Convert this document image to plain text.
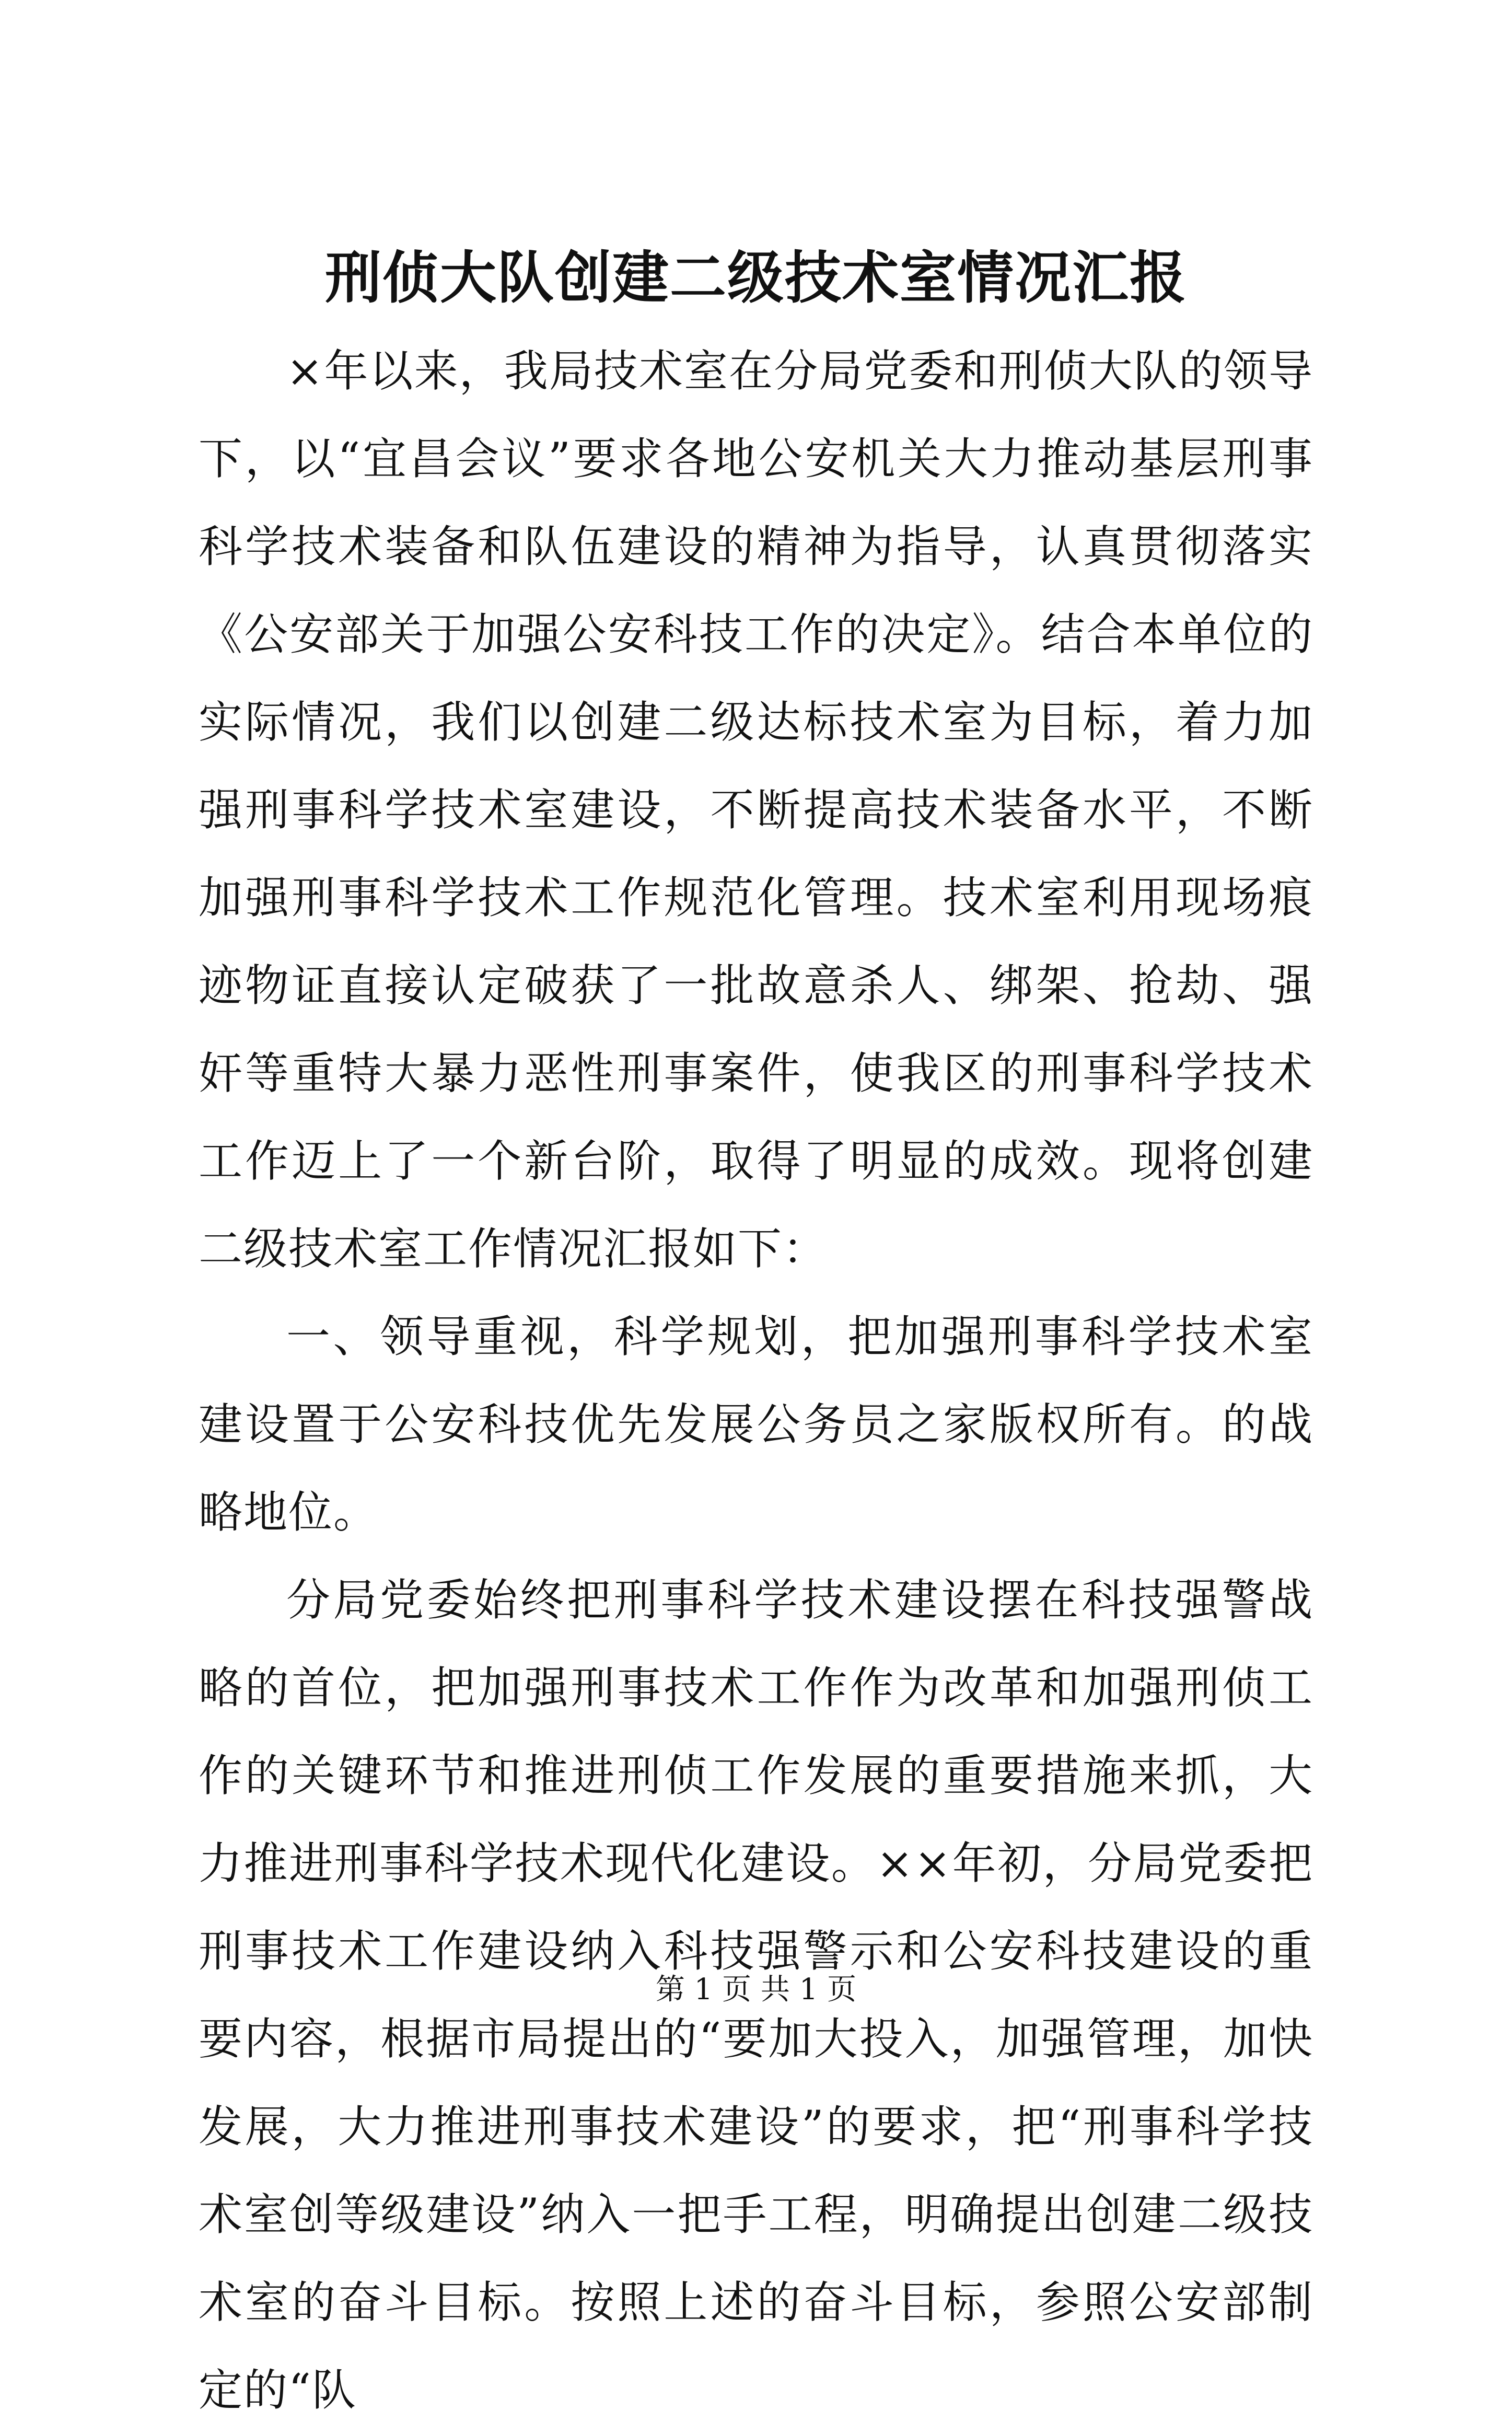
刑侦大队创建二级技术室情况汇报

×年以来，我局技术室在分局党委和刑侦大队的领导下，以“宜昌会议”要求各地公安机关大力推动基层刑事科学技术装备和队伍建设的精神为指导，认真贯彻落实《公安部关于加强公安科技工作的决定》。结合本单位的实际情况，我们以创建二级达标技术室为目标，着力加强刑事科学技术室建设，不断提高技术装备水平，不断加强刑事科学技术工作规范化管理。技术室利用现场痕迹物证直接认定破获了一批故意杀人、绑架、抢劫、强奸等重特大暴力恶性刑事案件，使我区的刑事科学技术工作迈上了一个新台阶，取得了明显的成效。现将创建二级技术室工作情况汇报如下：

一、领导重视，科学规划，把加强刑事科学技术室建设置于公安科技优先发展公务员之家版权所有。的战略地位。

分局党委始终把刑事科学技术建设摆在科技强警战略的首位，把加强刑事技术工作作为改革和加强刑侦工作的关键环节和推进刑侦工作发展的重要措施来抓，大力推进刑事科学技术现代化建设。××年初，分局党委把刑事技术工作建设纳入科技强警示和公安科技建设的重要内容，根据市局提出的“要加大投入，加强管理，加快发展，大力推进刑事技术建设”的要求，把“刑事科学技术室创等级建设”纳入一把手工程，明确提出创建二级技术室的奋斗目标。按照上述的奋斗目标，参照公安部制定的“队

第 1 页 共 1 页
